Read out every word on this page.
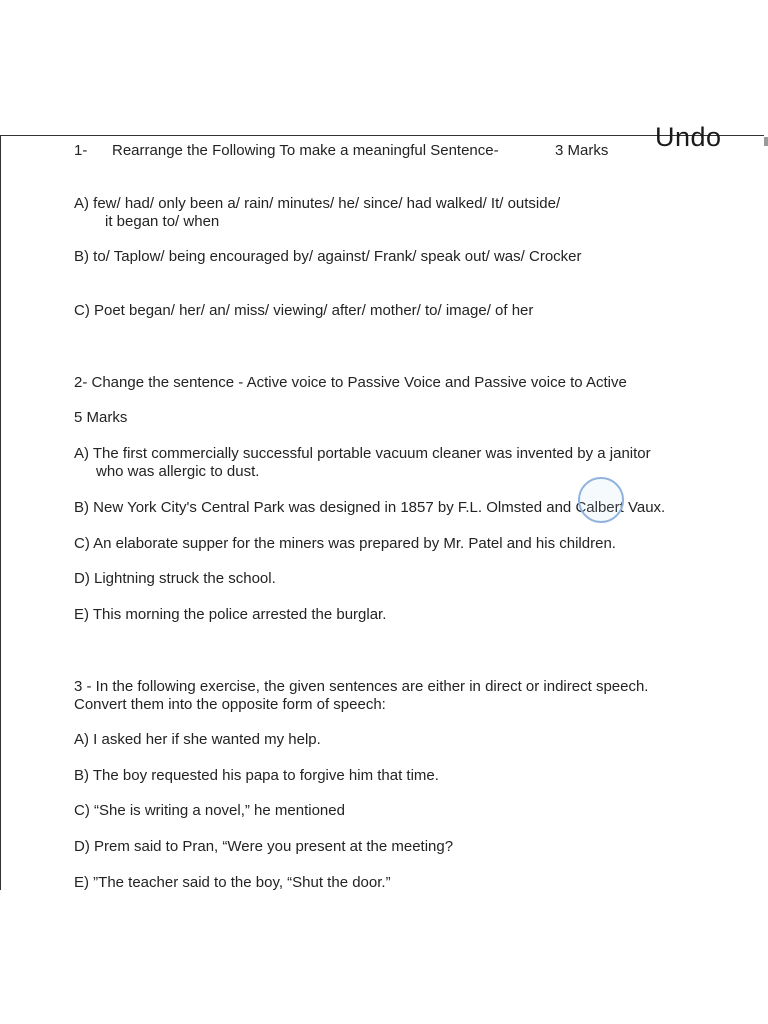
Undo
1- Rearrange the Following To make a meaningful Sentence-	3 Marks
A) few/ had/ only been a/ rain/ minutes/ he/ since/ had walked/ It/ outside/
it began to/ when
B) to/ Taplow/ being encouraged by/ against/ Frank/ speak out/ was/ Crocker
C) Poet began/ her/ an/ miss/ viewing/ after/ mother/ to/ image/ of her
2- Change the sentence - Active voice to Passive Voice and Passive voice to Active
5 Marks
A) The first commercially successful portable vacuum cleaner was invented by a janitor
who was allergic to dust.
B) New York City's Central Park was designed in 1857 by F.L. Olmsted and Calbert Vaux.
C) An elaborate supper for the miners was prepared by Mr. Patel and his children.
D) Lightning struck the school.
E) This morning the police arrested the burglar.
3 - In the following exercise, the given sentences are either in direct or indirect speech.
Convert them into the opposite form of speech:
A) I asked her if she wanted my help.
B) The boy requested his papa to forgive him that time.
C) “She is writing a novel,” he mentioned
D) Prem said to Pran, “Were you present at the meeting?
E) ”The teacher said to the boy, “Shut the door.”
